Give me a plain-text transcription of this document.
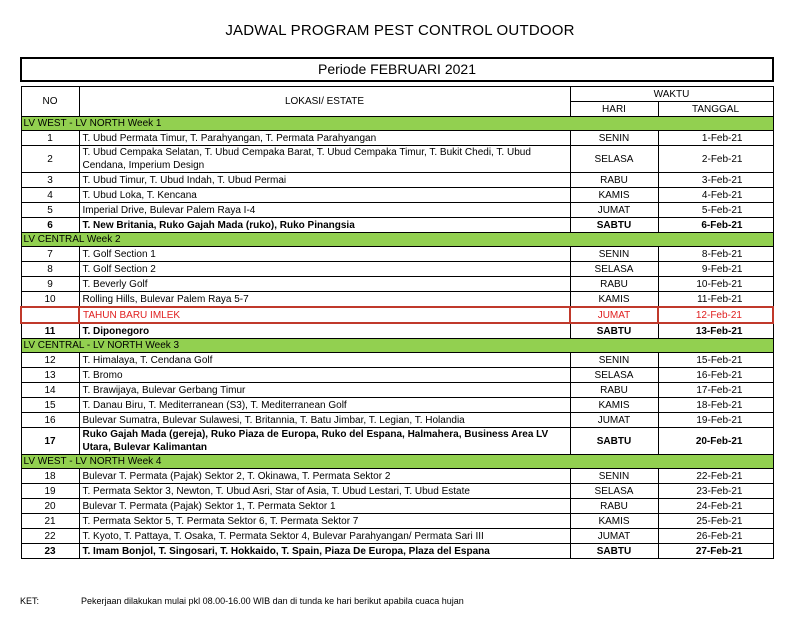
JADWAL PROGRAM PEST CONTROL OUTDOOR
Periode FEBRUARI 2021
NO	LOKASI/ ESTATE	WAKTU	
		HARI	TANGGAL
LV WEST - LV NORTH Week 1			
1	T. Ubud Permata Timur, T. Parahyangan, T. Permata Parahyangan	SENIN	1-Feb-21
2	T. Ubud Cempaka Selatan, T. Ubud Cempaka Barat, T. Ubud Cempaka Timur, T. Bukit Chedi, T. Ubud Cendana, Imperium Design	SELASA	2-Feb-21
3	T. Ubud Timur, T. Ubud Indah, T. Ubud Permai	RABU	3-Feb-21
4	T. Ubud Loka, T. Kencana	KAMIS	4-Feb-21
5	Imperial Drive, Bulevar Palem Raya I-4	JUMAT	5-Feb-21
6	T. New Britania, Ruko Gajah Mada (ruko), Ruko Pinangsia	SABTU	6-Feb-21
LV CENTRAL Week 2			
7	T. Golf Section 1	SENIN	8-Feb-21
8	T. Golf Section 2	SELASA	9-Feb-21
9	T. Beverly Golf	RABU	10-Feb-21
10	Rolling Hills, Bulevar Palem Raya 5-7	KAMIS	11-Feb-21
	TAHUN BARU IMLEK	JUMAT	12-Feb-21
11	T. Diponegoro	SABTU	13-Feb-21
LV CENTRAL - LV NORTH Week 3			
12	T. Himalaya, T. Cendana Golf	SENIN	15-Feb-21
13	T. Bromo	SELASA	16-Feb-21
14	T. Brawijaya, Bulevar Gerbang Timur	RABU	17-Feb-21
15	T. Danau Biru, T. Mediterranean (S3), T. Mediterranean Golf	KAMIS	18-Feb-21
16	Bulevar Sumatra, Bulevar Sulawesi, T. Britannia, T. Batu Jimbar, T. Legian, T. Holandia	JUMAT	19-Feb-21
17	Ruko Gajah Mada (gereja), Ruko Piaza de Europa, Ruko del Espana, Halmahera, Business Area LV Utara, Bulevar Kalimantan	SABTU	20-Feb-21
LV WEST - LV NORTH Week 4			
18	Bulevar T. Permata (Pajak) Sektor 2, T. Okinawa, T. Permata Sektor 2	SENIN	22-Feb-21
19	T. Permata Sektor 3, Newton, T. Ubud Asri, Star of Asia, T. Ubud Lestari, T. Ubud Estate	SELASA	23-Feb-21
20	Bulevar T. Permata (Pajak) Sektor 1, T. Permata Sektor 1	RABU	24-Feb-21
21	T. Permata Sektor 5, T. Permata Sektor 6, T. Permata Sektor 7	KAMIS	25-Feb-21
22	T. Kyoto, T. Pattaya, T. Osaka, T. Permata Sektor 4, Bulevar Parahyangan/ Permata Sari III	JUMAT	26-Feb-21
23	T. Imam Bonjol, T. Singosari, T. Hokkaido, T. Spain, Piaza De Europa, Plaza del Espana	SABTU	27-Feb-21
KET:	Pekerjaan dilakukan mulai pkl 08.00-16.00 WIB dan di tunda ke hari berikut apabila cuaca hujan
